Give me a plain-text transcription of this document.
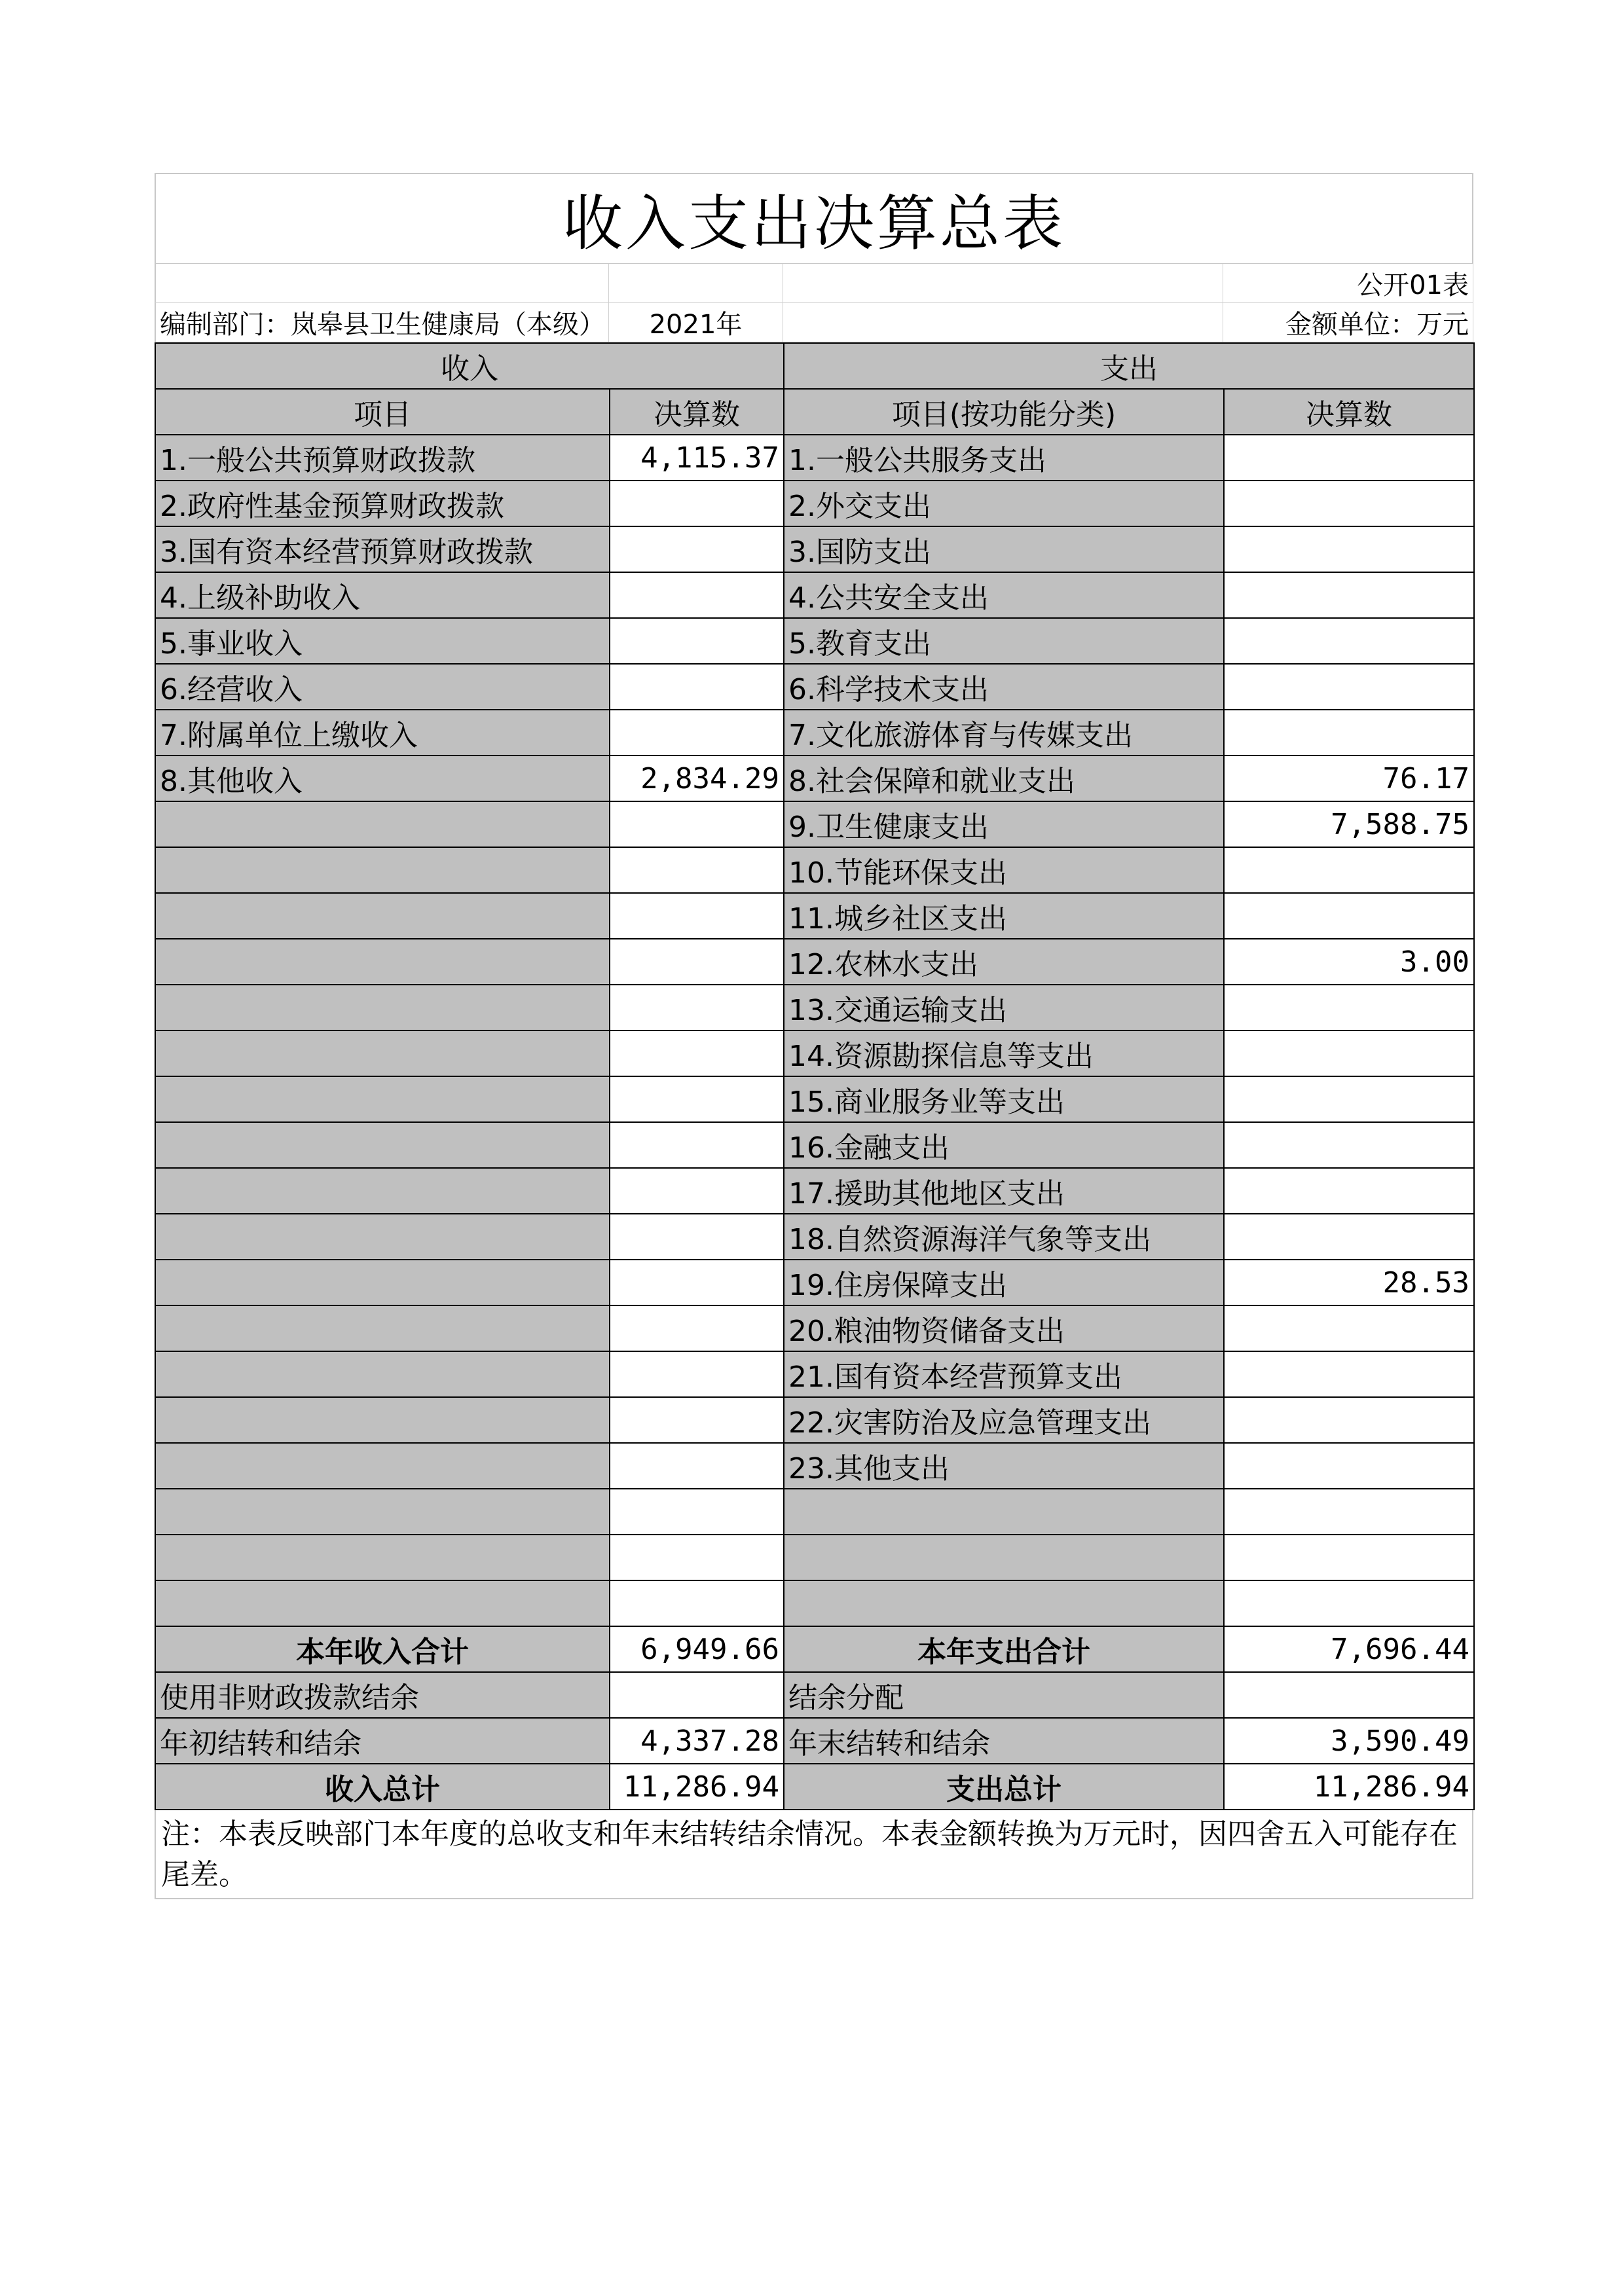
收入支出决算总表
公开01表
编制部门：岚皋县卫生健康局（本级）	2021年	金额单位：万元
收入		支出	
项目	决算数	项目(按功能分类)	决算数
1.一般公共预算财政拨款	4,115.37	1.一般公共服务支出	
2.政府性基金预算财政拨款		2.外交支出	
3.国有资本经营预算财政拨款		3.国防支出	
4.上级补助收入		4.公共安全支出	
5.事业收入		5.教育支出	
6.经营收入		6.科学技术支出	
7.附属单位上缴收入		7.文化旅游体育与传媒支出	
8.其他收入	2,834.29	8.社会保障和就业支出	76.17
		9.卫生健康支出	7,588.75
		10.节能环保支出	
		11.城乡社区支出	
		12.农林水支出	3.00
		13.交通运输支出	
		14.资源勘探信息等支出	
		15.商业服务业等支出	
		16.金融支出	
		17.援助其他地区支出	
		18.自然资源海洋气象等支出	
		19.住房保障支出	28.53
		20.粮油物资储备支出	
		21.国有资本经营预算支出	
		22.灾害防治及应急管理支出	
		23.其他支出	

本年收入合计	6,949.66	本年支出合计	7,696.44
使用非财政拨款结余		结余分配	
年初结转和结余	4,337.28	年末结转和结余	3,590.49
收入总计	11,286.94	支出总计	11,286.94
注：本表反映部门本年度的总收支和年末结转结余情况。本表金额转换为万元时，因四舍五入可能存在尾差。
